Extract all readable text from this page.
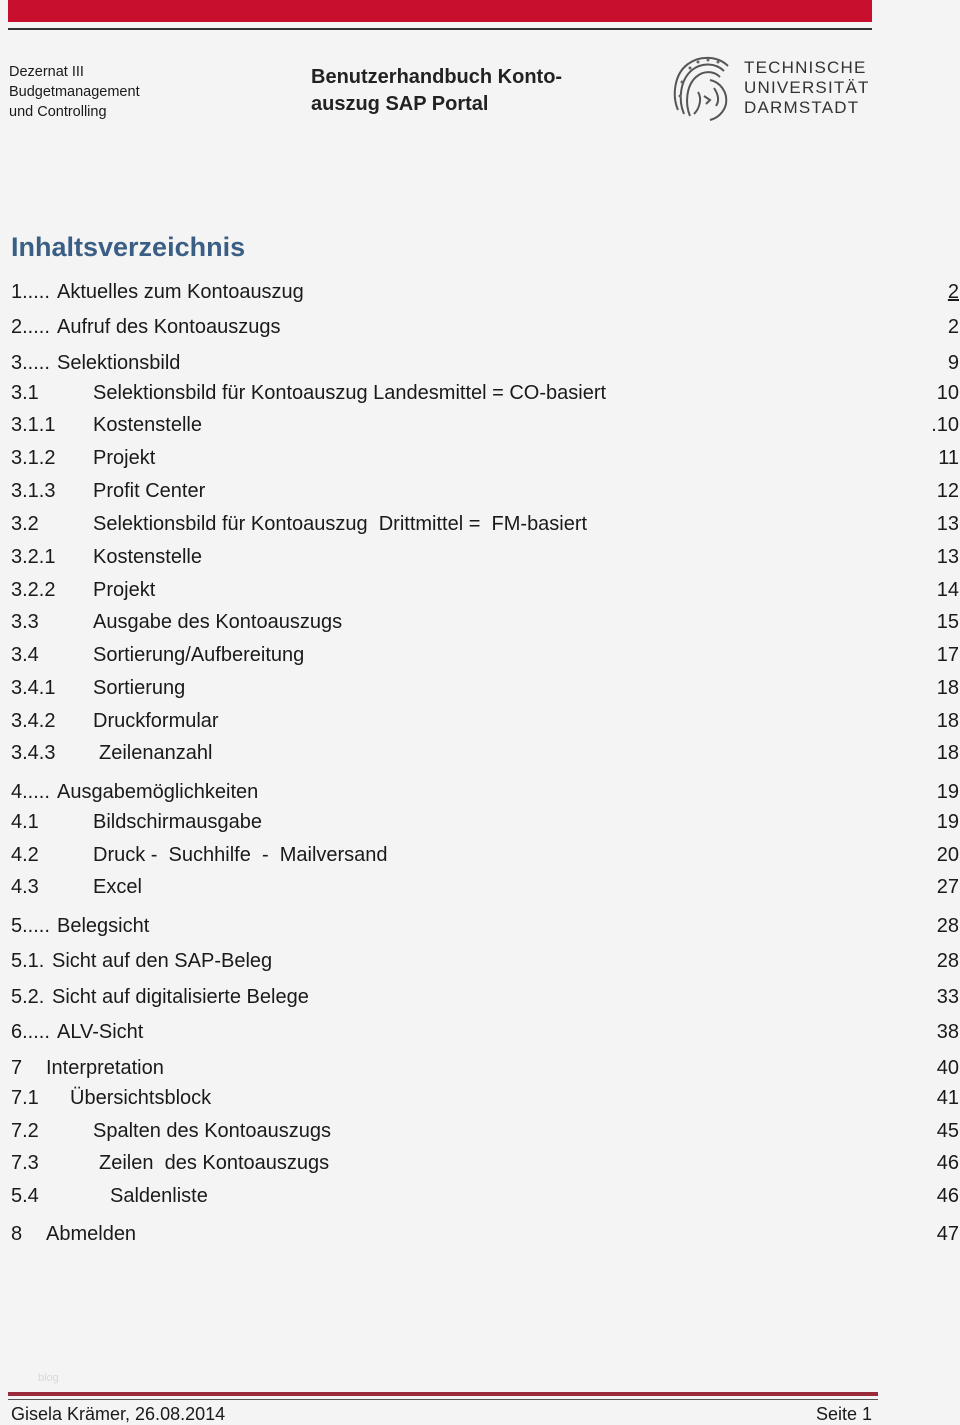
Dezernat III
Budgetmanagement
und Controlling
Benutzerhandbuch Konto-
auszug SAP Portal
TECHNISCHE
UNIVERSITÄT
DARMSTADT
Inhaltsverzeichnis
1..... Aktuelles zum Kontoauszug	2
2..... Aufruf des Kontoauszugs	2
3..... Selektionsbild	9
3.1	Selektionsbild für Kontoauszug Landesmittel = CO-basiert	10
3.1.1 Kostenstelle	.10
3.1.2 Projekt	11
3.1.3 Profit Center	12
3.2	Selektionsbild für Kontoauszug  Drittmittel =  FM-basiert	13
3.2.1 Kostenstelle	13
3.2.2 Projekt	14
3.3	Ausgabe des Kontoauszugs	15
3.4	Sortierung/Aufbereitung	17
3.4.1 Sortierung	18
3.4.2 Druckformular	18
3.4.3 Zeilenanzahl	18
4..... Ausgabemöglichkeiten	19
4.1	Bildschirmausgabe	19
4.2	Druck -  Suchhilfe  -  Mailversand	20
4.3	Excel	27
5..... Belegsicht	28
5.1. Sicht auf den SAP-Beleg	28
5.2. Sicht auf digitalisierte Belege	33
6..... ALV-Sicht	38
7 Interpretation	40
7.1 Übersichtsblock	41
7.2	Spalten des Kontoauszugs	45
7.3	Zeilen  des Kontoauszugs	46
5.4	Saldenliste	46
8 Abmelden	47
blog
Gisela Krämer, 26.08.2014	Seite 1
